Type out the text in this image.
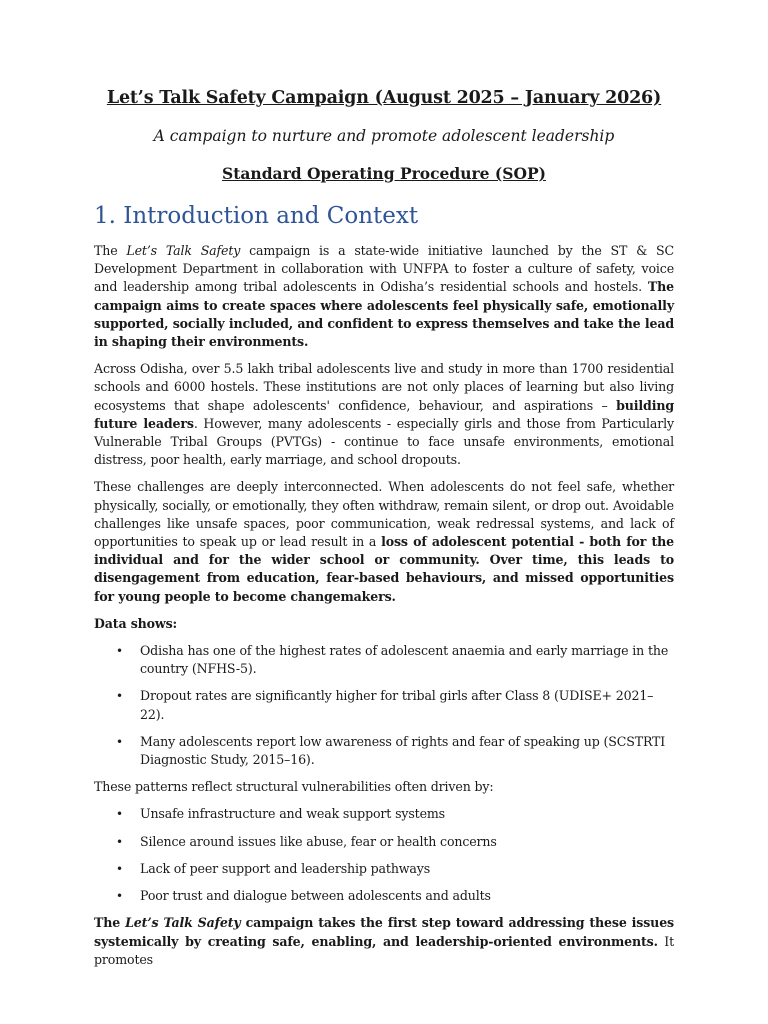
Let’s Talk Safety Campaign (August 2025 – January 2026)

A campaign to nurture and promote adolescent leadership

Standard Operating Procedure (SOP)

1. Introduction and Context

The Let’s Talk Safety campaign is a state-wide initiative launched by the ST & SC Development Department in collaboration with UNFPA to foster a culture of safety, voice and leadership among tribal adolescents in Odisha’s residential schools and hostels. The campaign aims to create spaces where adolescents feel physically safe, emotionally supported, socially included, and confident to express themselves and take the lead in shaping their environments.

Across Odisha, over 5.5 lakh tribal adolescents live and study in more than 1700 residential schools and 6000 hostels. These institutions are not only places of learning but also living ecosystems that shape adolescents' confidence, behaviour, and aspirations – building future leaders. However, many adolescents - especially girls and those from Particularly Vulnerable Tribal Groups (PVTGs) - continue to face unsafe environments, emotional distress, poor health, early marriage, and school dropouts.

These challenges are deeply interconnected. When adolescents do not feel safe, whether physically, socially, or emotionally, they often withdraw, remain silent, or drop out. Avoidable challenges like unsafe spaces, poor communication, weak redressal systems, and lack of opportunities to speak up or lead result in a loss of adolescent potential - both for the individual and for the wider school or community. Over time, this leads to disengagement from education, fear-based behaviours, and missed opportunities for young people to become changemakers.

Data shows:

• Odisha has one of the highest rates of adolescent anaemia and early marriage in the country (NFHS-5).
• Dropout rates are significantly higher for tribal girls after Class 8 (UDISE+ 2021–22).
• Many adolescents report low awareness of rights and fear of speaking up (SCSTRTI Diagnostic Study, 2015–16).

These patterns reflect structural vulnerabilities often driven by:

• Unsafe infrastructure and weak support systems
• Silence around issues like abuse, fear or health concerns
• Lack of peer support and leadership pathways
• Poor trust and dialogue between adolescents and adults

The Let’s Talk Safety campaign takes the first step toward addressing these issues systemically by creating safe, enabling, and leadership-oriented environments. It promotes
